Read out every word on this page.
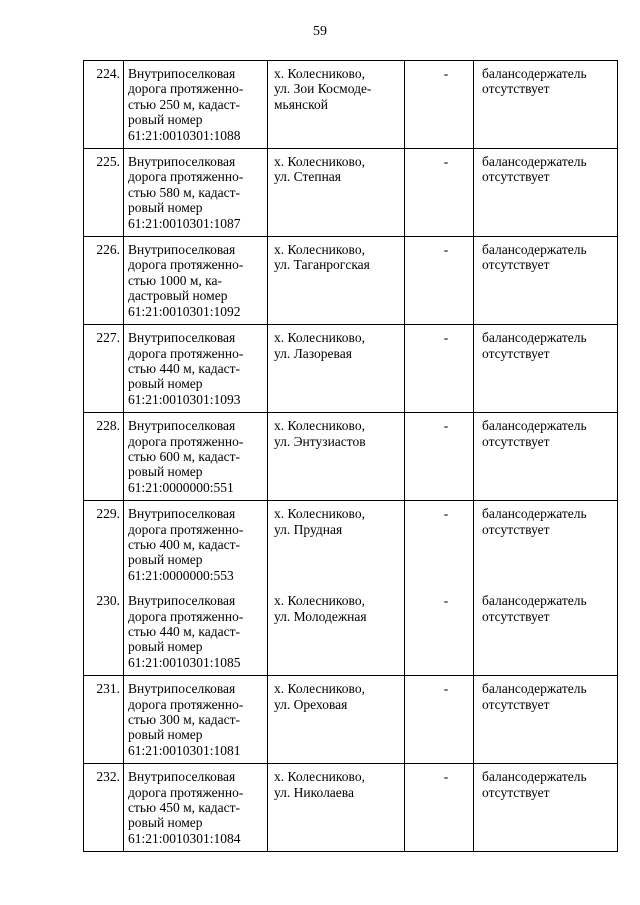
59
224.	Внутрипоселковая
дорога протяженно-
стью 250 м, кадаст-
ровый номер
61:21:0010301:1088	х. Колесниково,
ул. Зои Космоде-
мьянской	-	балансодержатель
отсутствует
225.	Внутрипоселковая
дорога протяженно-
стью 580 м, кадаст-
ровый номер
61:21:0010301:1087	х. Колесниково,
ул. Степная	-	балансодержатель
отсутствует
226.	Внутрипоселковая
дорога протяженно-
стью 1000 м, ка-
дастровый номер
61:21:0010301:1092	х. Колесниково,
ул. Таганрогская	-	балансодержатель
отсутствует
227.	Внутрипоселковая
дорога протяженно-
стью 440 м, кадаст-
ровый номер
61:21:0010301:1093	х. Колесниково,
ул. Лазоревая	-	балансодержатель
отсутствует
228.	Внутрипоселковая
дорога протяженно-
стью 600 м, кадаст-
ровый номер
61:21:0000000:551	х. Колесниково,
ул. Энтузиастов	-	балансодержатель
отсутствует
229.	Внутрипоселковая
дорога протяженно-
стью 400 м, кадаст-
ровый номер
61:21:0000000:553	х. Колесниково,
ул. Прудная	-	балансодержатель
отсутствует
230.	Внутрипоселковая
дорога протяженно-
стью 440 м, кадаст-
ровый номер
61:21:0010301:1085	х. Колесниково,
ул. Молодежная	-	балансодержатель
отсутствует
231.	Внутрипоселковая
дорога протяженно-
стью 300 м, кадаст-
ровый номер
61:21:0010301:1081	х. Колесниково,
ул. Ореховая	-	балансодержатель
отсутствует
232.	Внутрипоселковая
дорога протяженно-
стью 450 м, кадаст-
ровый номер
61:21:0010301:1084	х. Колесниково,
ул. Николаева	-	балансодержатель
отсутствует
